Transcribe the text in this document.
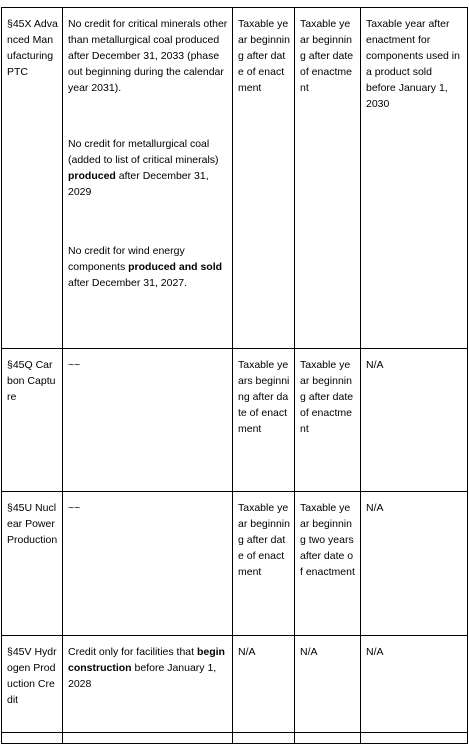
§45X Advanced Manufacturing PTC	No credit for critical minerals other than metallurgical coal produced after December 31, 2033 (phase out beginning during the calendar year 2031).
No credit for metallurgical coal (added to list of critical minerals) produced after December 31, 2029
No credit for wind energy components produced and sold after December 31, 2027.	Taxable year beginning after date of enactment	Taxable year beginning after date of enactment	Taxable year after enactment for components used in a product sold before January 1, 2030
§45Q Carbon Capture	~~	Taxable years beginning after date of enactment	Taxable year beginning after date of enactment	N/A
§45U Nuclear Power Production	~~	Taxable year beginning after date of enactment	Taxable year beginning two years after date of enactment	N/A
§45V Hydrogen Production Credit	Credit only for facilities that begin construction before January 1, 2028	N/A	N/A	N/A
